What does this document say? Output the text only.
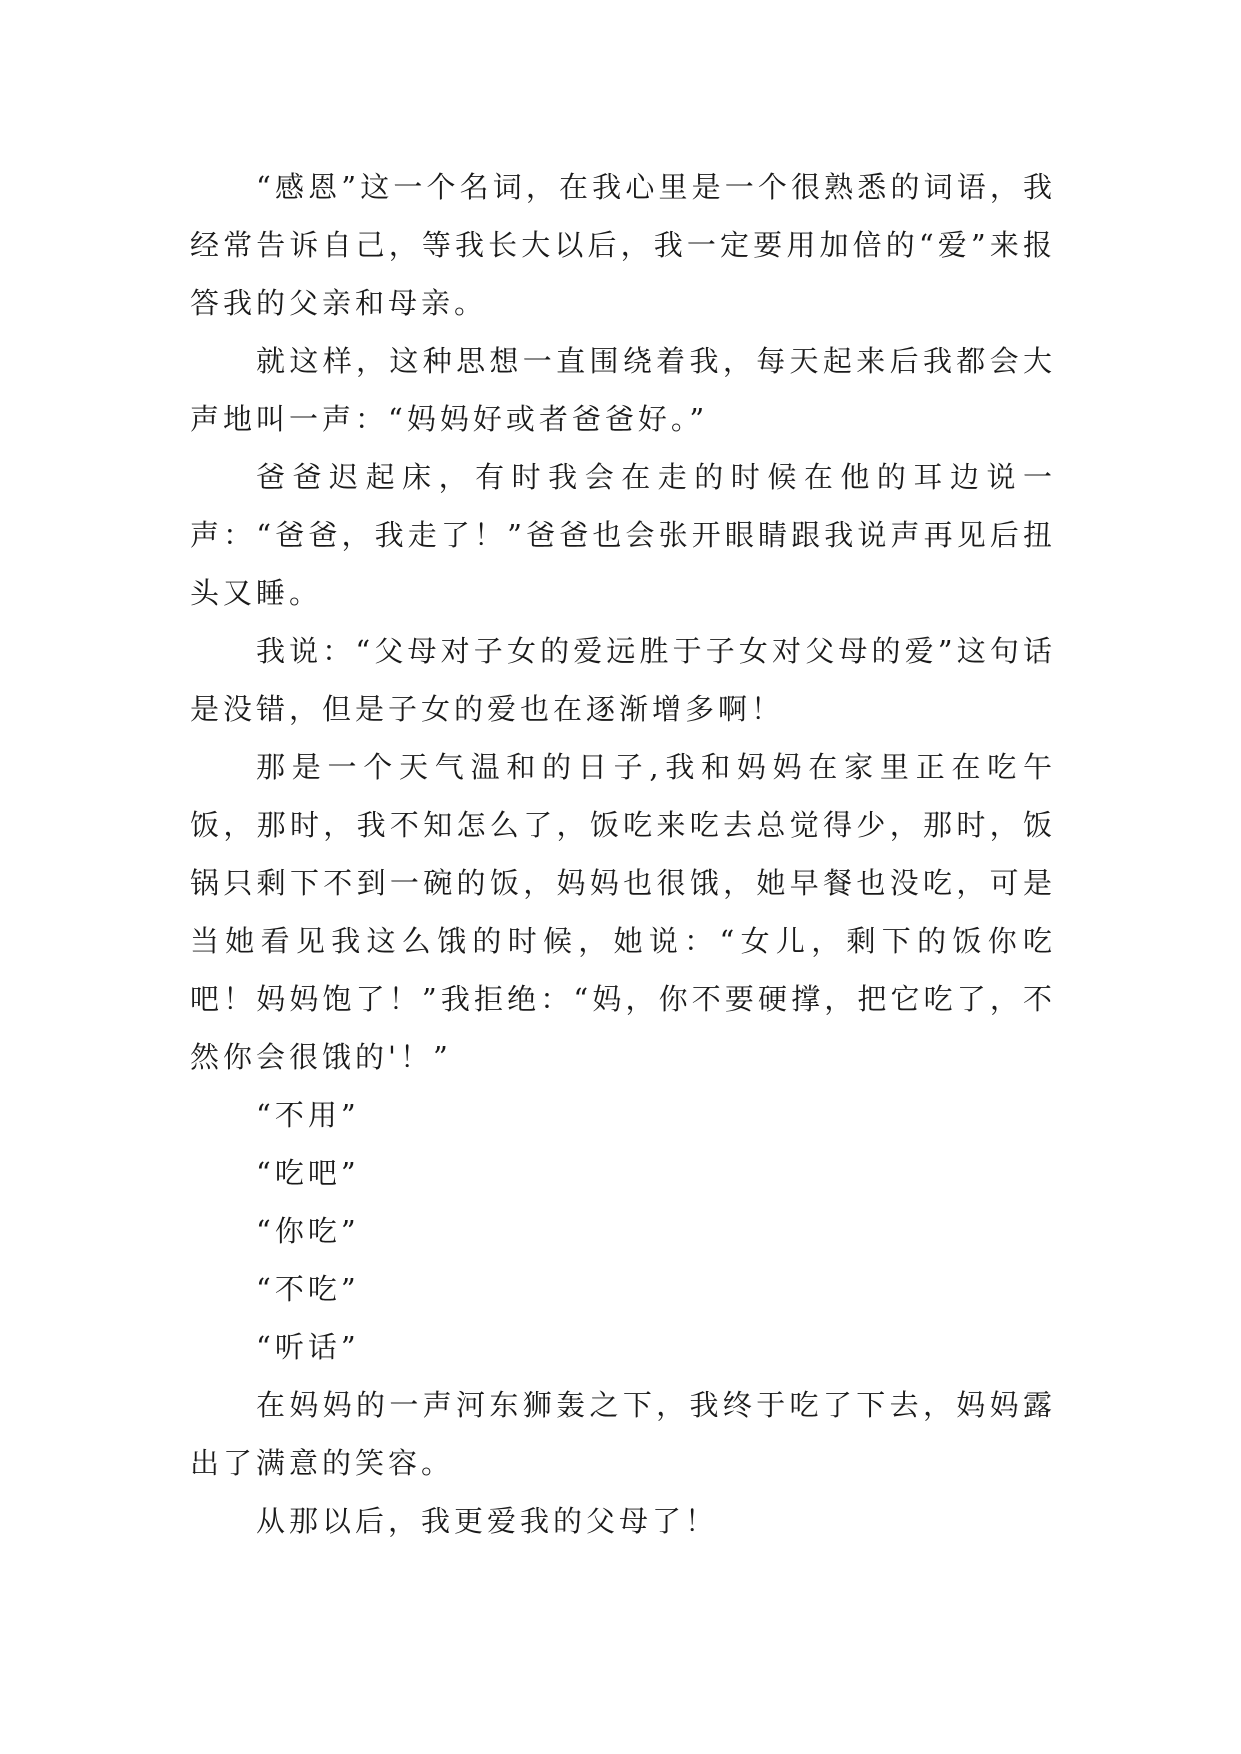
“感恩”这一个名词，在我心里是一个很熟悉的词语，我经常告诉自己，等我长大以后，我一定要用加倍的“爱”来报答我的父亲和母亲。

就这样，这种思想一直围绕着我，每天起来后我都会大声地叫一声：“妈妈好或者爸爸好。”

爸爸迟起床，有时我会在走的时候在他的耳边说一声：“爸爸，我走了！”爸爸也会张开眼睛跟我说声再见后扭头又睡。

我说：“父母对子女的爱远胜于子女对父母的爱”这句话是没错，但是子女的爱也在逐渐增多啊！

那是一个天气温和的日子,我和妈妈在家里正在吃午饭，那时，我不知怎么了，饭吃来吃去总觉得少，那时，饭锅只剩下不到一碗的饭，妈妈也很饿，她早餐也没吃，可是当她看见我这么饿的时候，她说：“女儿，剩下的饭你吃吧！妈妈饱了！”我拒绝：“妈，你不要硬撑，把它吃了，不然你会很饿的'！”

“不用”

“吃吧”

“你吃”

“不吃”

“听话”

在妈妈的一声河东狮轰之下，我终于吃了下去，妈妈露出了满意的笑容。

从那以后，我更爱我的父母了！
